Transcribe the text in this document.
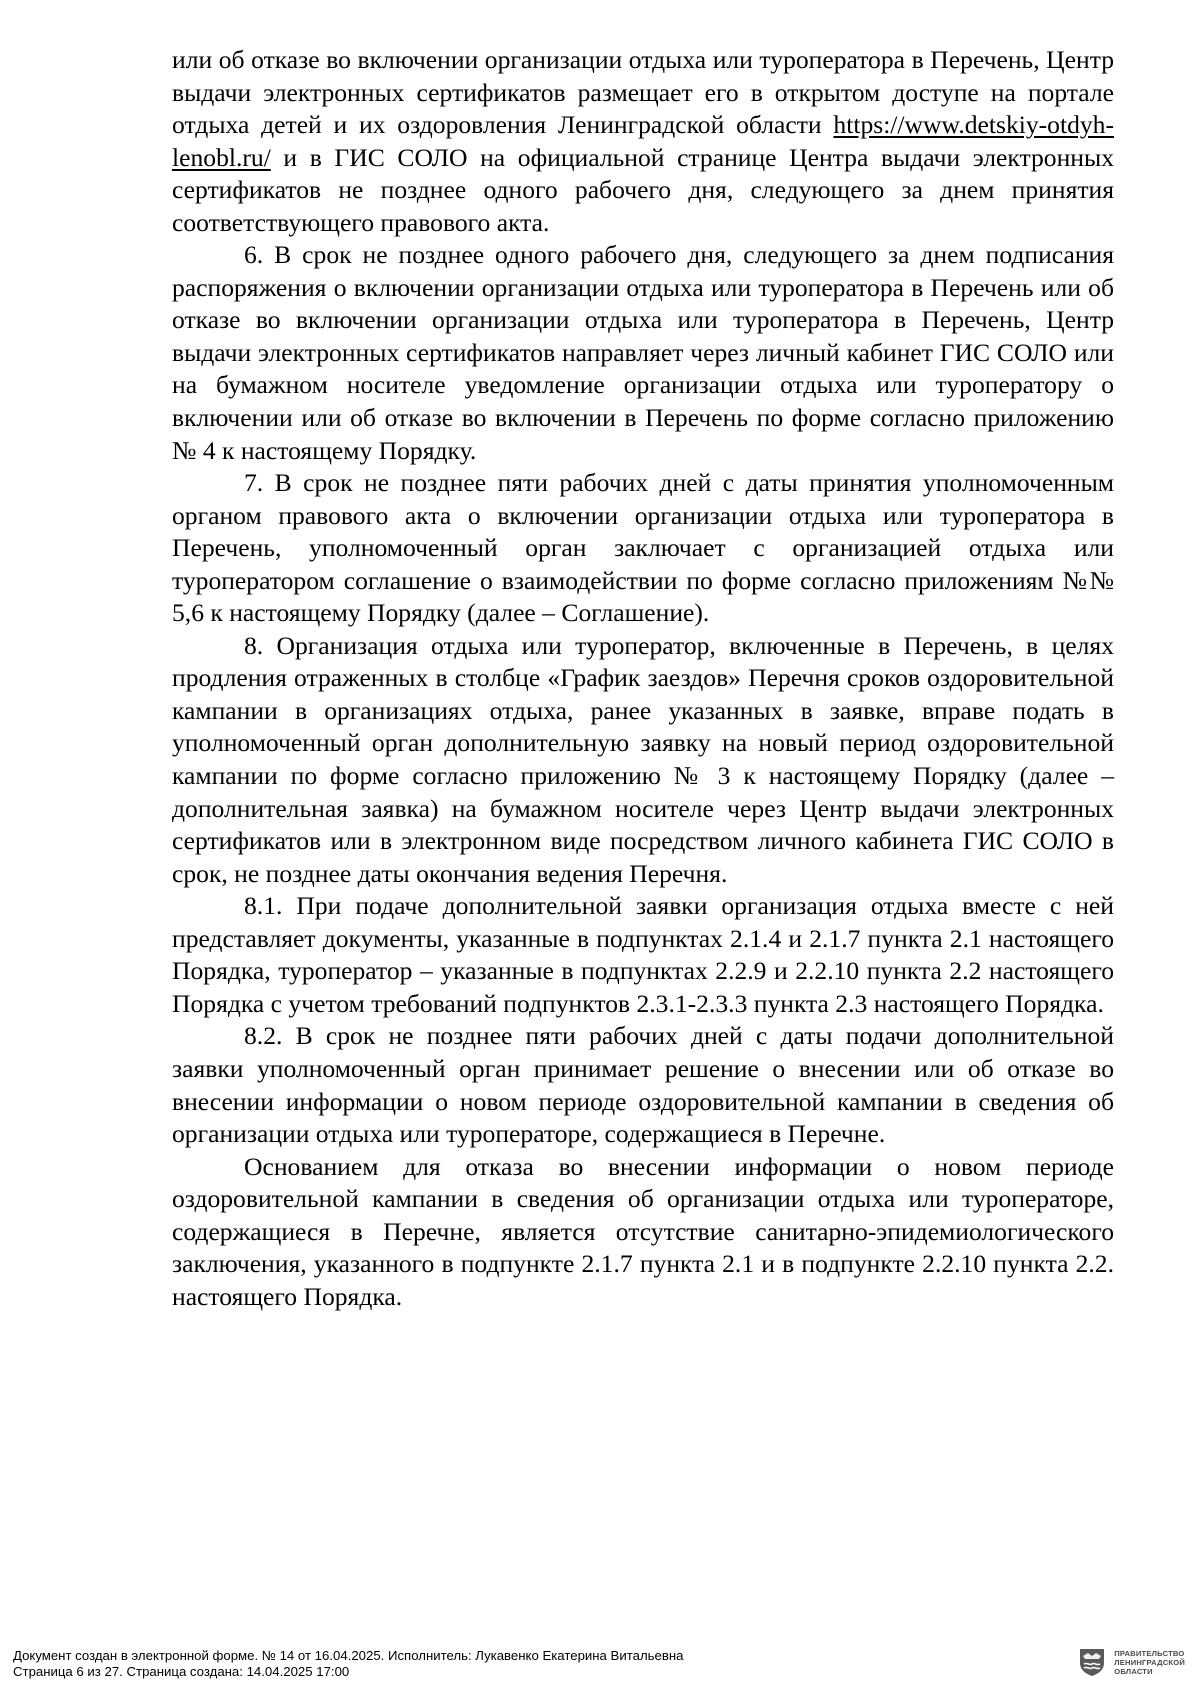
или об отказе во включении организации отдыха или туроператора в Перечень, Центр выдачи электронных сертификатов размещает его в открытом доступе на портале отдыха детей и их оздоровления Ленинградской области https://www.detskiy-otdyh-lenobl.ru/ и в ГИС СОЛО на официальной странице Центра выдачи электронных сертификатов не позднее одного рабочего дня, следующего за днем принятия соответствующего правового акта.

6. В срок не позднее одного рабочего дня, следующего за днем подписания распоряжения о включении организации отдыха или туроператора в Перечень или об отказе во включении организации отдыха или туроператора в Перечень, Центр выдачи электронных сертификатов направляет через личный кабинет ГИС СОЛО или на бумажном носителе уведомление организации отдыха или туроператору о включении или об отказе во включении в Перечень по форме согласно приложению № 4 к настоящему Порядку.

7. В срок не позднее пяти рабочих дней с даты принятия уполномоченным органом правового акта о включении организации отдыха или туроператора в Перечень, уполномоченный орган заключает с организацией отдыха или туроператором соглашение о взаимодействии по форме согласно приложениям №№ 5,6 к настоящему Порядку (далее – Соглашение).

8. Организация отдыха или туроператор, включенные в Перечень, в целях продления отраженных в столбце «График заездов» Перечня сроков оздоровительной кампании в организациях отдыха, ранее указанных в заявке, вправе подать в уполномоченный орган дополнительную заявку на новый период оздоровительной кампании по форме согласно приложению № 3 к настоящему Порядку (далее – дополнительная заявка) на бумажном носителе через Центр выдачи электронных сертификатов или в электронном виде посредством личного кабинета ГИС СОЛО в срок, не позднее даты окончания ведения Перечня.

8.1. При подаче дополнительной заявки организация отдыха вместе с ней представляет документы, указанные в подпунктах 2.1.4 и 2.1.7 пункта 2.1 настоящего Порядка, туроператор – указанные в подпунктах 2.2.9 и 2.2.10 пункта 2.2 настоящего Порядка с учетом требований подпунктов 2.3.1-2.3.3 пункта 2.3 настоящего Порядка.

8.2. В срок не позднее пяти рабочих дней с даты подачи дополнительной заявки уполномоченный орган принимает решение о внесении или об отказе во внесении информации о новом периоде оздоровительной кампании в сведения об организации отдыха или туроператоре, содержащиеся в Перечне.

Основанием для отказа во внесении информации о новом периоде оздоровительной кампании в сведения об организации отдыха или туроператоре, содержащиеся в Перечне, является отсутствие санитарно-эпидемиологического заключения, указанного в подпункте 2.1.7 пункта 2.1 и в подпункте 2.2.10 пункта 2.2. настоящего Порядка.

Документ создан в электронной форме. № 14 от 16.04.2025. Исполнитель: Лукавенко Екатерина Витальевна
Страница 6 из 27. Страница создана: 14.04.2025 17:00
ПРАВИТЕЛЬСТВО
ЛЕНИНГРАДСКОЙ
ОБЛАСТИ
